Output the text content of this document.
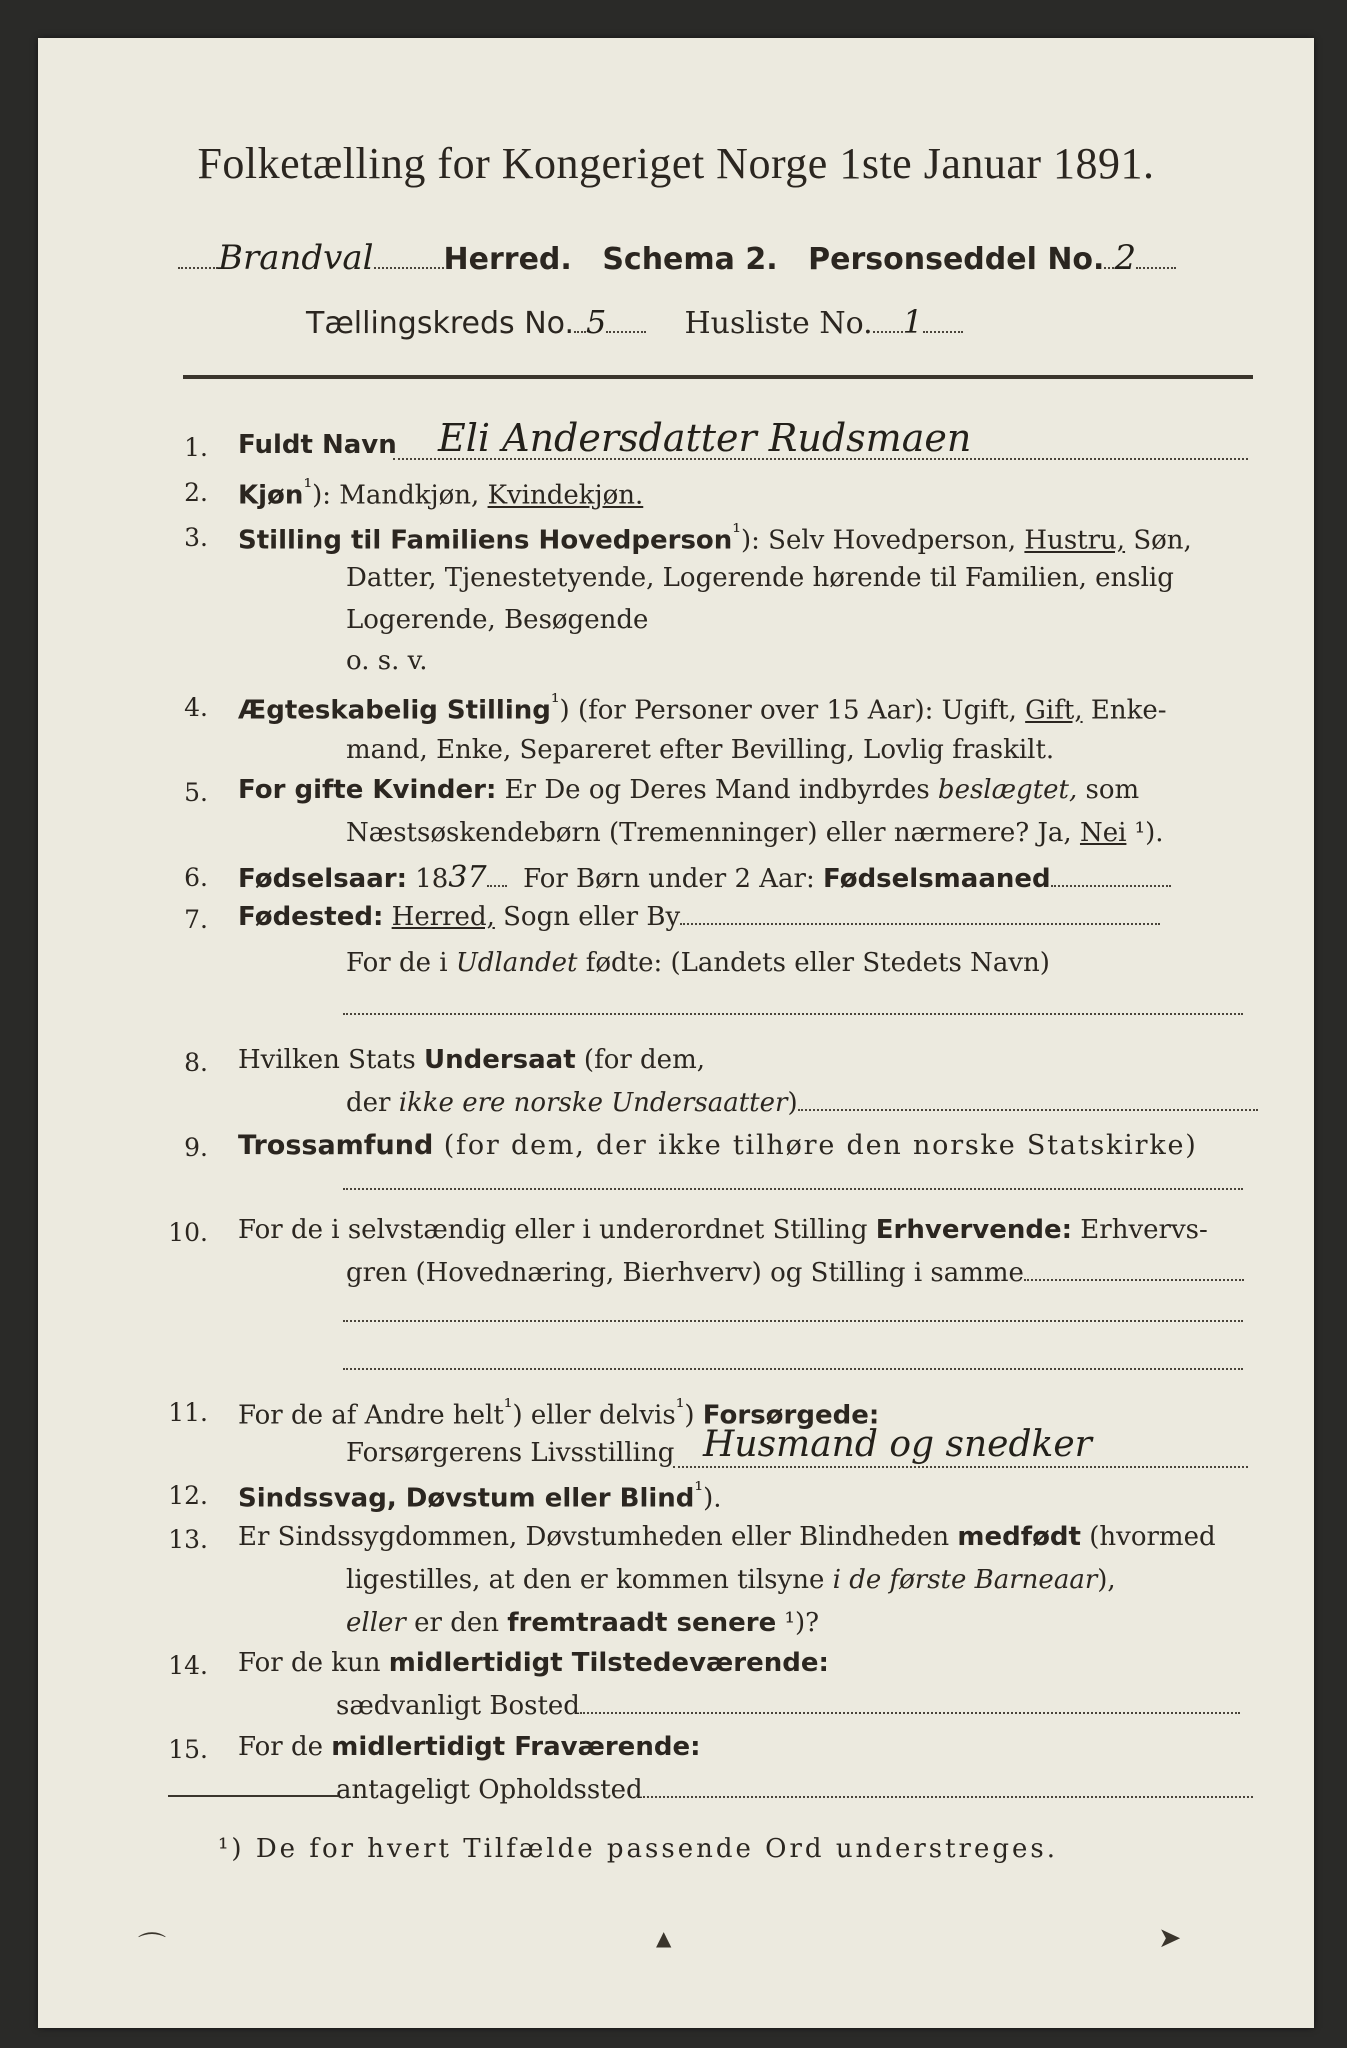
Folketælling for Kongeriget Norge 1ste Januar 1891.
Brandval Herred. Schema 2. Personseddel No. 2
Tællingskreds No. 5	Husliste No. 1
1. Fuldt Navn Eli Andersdatter Rudsmaen
2. Kjøn$^{^1}$): Mandkjøn, Kvindekjøn.
3. Stilling til Familiens Hovedperson$^{^1}$): Selv Hovedperson, Hustru, Søn,
Datter, Tjenestetyende, Logerende hørende til Familien, enslig
Logerende, Besøgende
o. s. v.
4. Ægteskabelig Stilling$^{^1}$) (for Personer over 15 Aar): Ugift, Gift, Enke-
mand, Enke, Separeret efter Bevilling, Lovlig fraskilt.
5. For gifte Kvinder: Er De og Deres Mand indbyrdes beslægtet, som
Næstsøskendebørn (Tremenninger) eller nærmere? Ja, Nei ¹).
6. Fødselsaar: 1837 For Børn under 2 Aar: Fødselsmaaned
7. Fødested: Herred, Sogn eller By
For de i Udlandet fødte: (Landets eller Stedets Navn)
8. Hvilken Stats Undersaat (for dem,
der ikke ere norske Undersaatter)
9. Trossamfund (for dem, der ikke tilhøre den norske Statskirke)
10. For de i selvstændig eller i underordnet Stilling Erhvervende: Erhvervs-
gren (Hovednæring, Bierhverv) og Stilling i samme
11. For de af Andre helt$^{^1}$) eller delvis$^{^1}$) Forsørgede:
Forsørgerens Livsstilling Husmand og snedker
12. Sindssvag, Døvstum eller Blind$^{^1}$).
13. Er Sindssygdommen, Døvstumheden eller Blindheden medfødt (hvormed
ligestilles, at den er kommen tilsyne i de første Barneaar),
eller er den fremtraadt senere ¹)?
14. For de kun midlertidigt Tilstedeværende:
sædvanligt Bosted
15. For de midlertidigt Fraværende:
antageligt Opholdssted
¹) De for hvert Tilfælde passende Ord understreges.
⌒	▲	➤
